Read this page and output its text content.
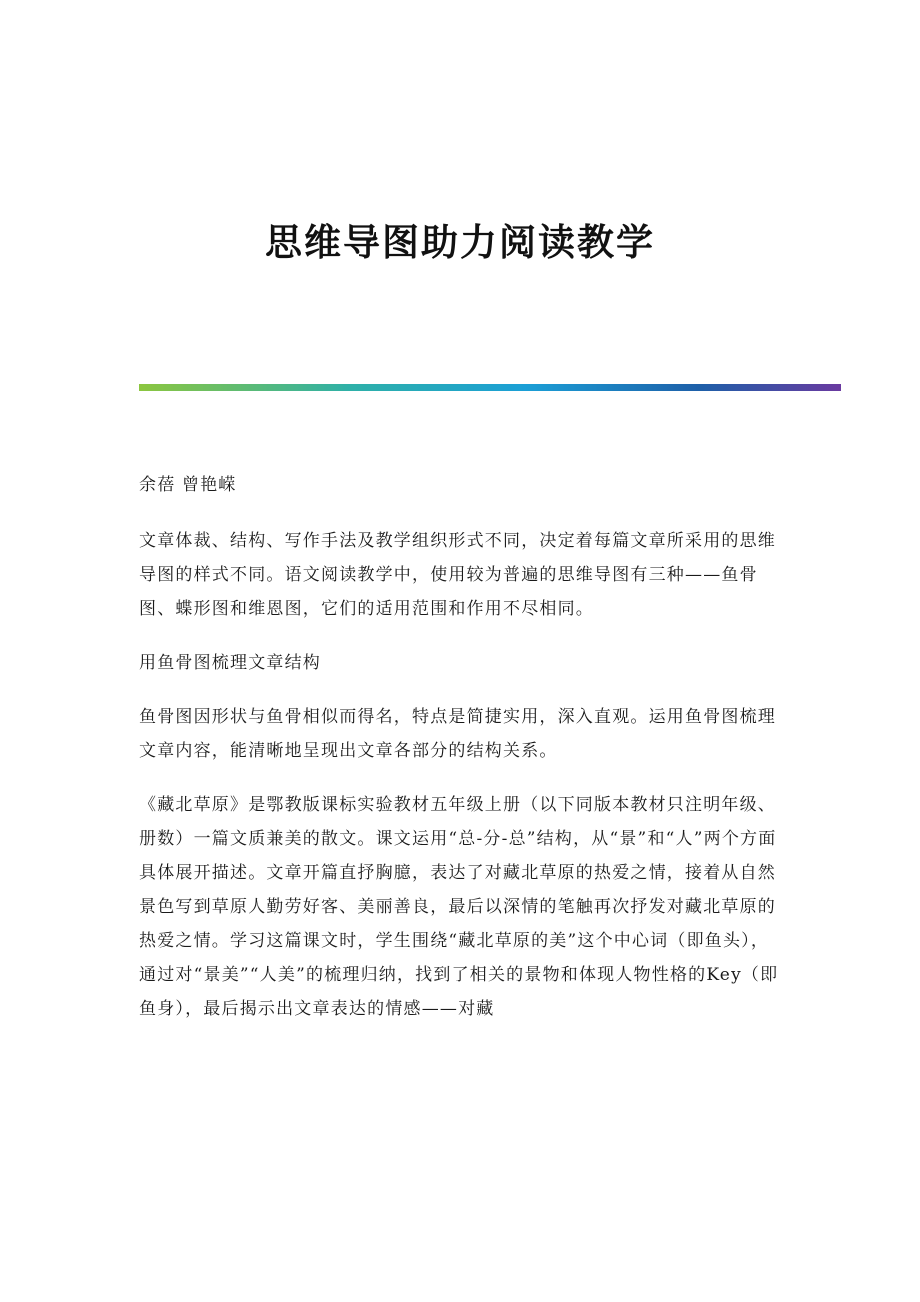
思维导图助力阅读教学

余蓓 曾艳嵘

文章体裁、结构、写作手法及教学组织形式不同，决定着每篇文章所采用的思维导图的样式不同。语文阅读教学中，使用较为普遍的思维导图有三种——鱼骨图、蝶形图和维恩图，它们的适用范围和作用不尽相同。

用鱼骨图梳理文章结构

鱼骨图因形状与鱼骨相似而得名，特点是简捷实用，深入直观。运用鱼骨图梳理文章内容，能清晰地呈现出文章各部分的结构关系。

《藏北草原》是鄂教版课标实验教材五年级上册（以下同版本教材只注明年级、册数）一篇文质兼美的散文。课文运用“总-分-总”结构，从“景”和“人”两个方面具体展开描述。文章开篇直抒胸臆，表达了对藏北草原的热爱之情，接着从自然景色写到草原人勤劳好客、美丽善良，最后以深情的笔触再次抒发对藏北草原的热爱之情。学习这篇课文时，学生围绕“藏北草原的美”这个中心词（即鱼头），通过对“景美”“人美”的梳理归纳，找到了相关的景物和体现人物性格的Key（即鱼身），最后揭示出文章表达的情感——对藏
